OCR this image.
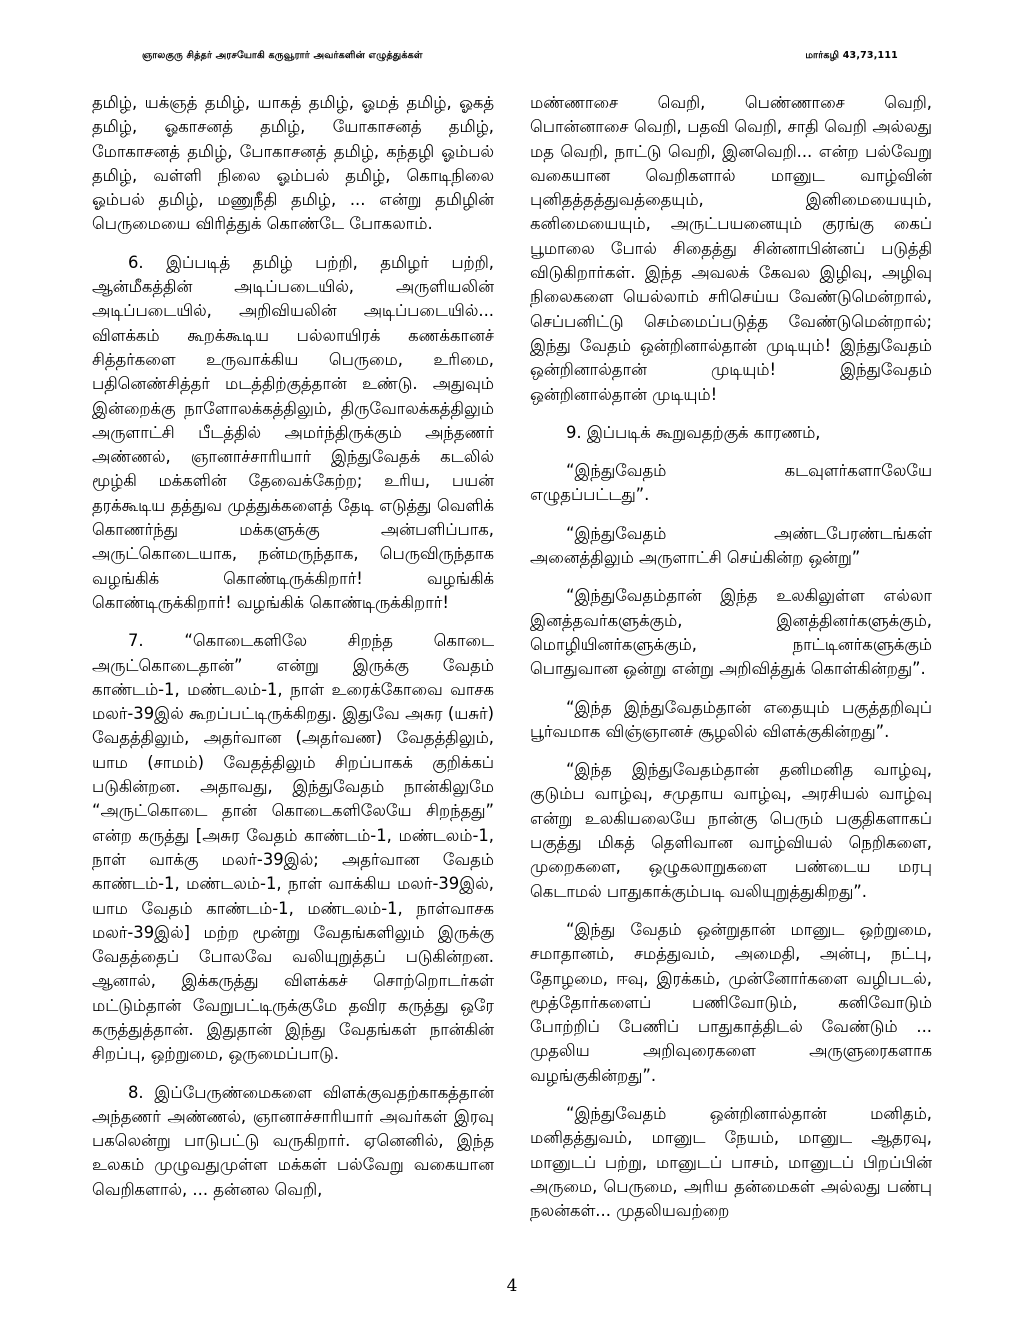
ஞாலகுரு சித்தர் அரசயோகி கருவூரார் அவர்களின் எழுத்துக்கள்	மார்கழி 43,73,111

தமிழ், யக்ஞத் தமிழ், யாகத் தமிழ், ஓமத் தமிழ், ஓகத் தமிழ், ஓகாசனத் தமிழ், யோகாசனத் தமிழ், மோகாசனத் தமிழ், போகாசனத் தமிழ், கந்தழி ஓம்பல் தமிழ், வள்ளி நிலை ஓம்பல் தமிழ், கொடிநிலை ஓம்பல் தமிழ், மணுநீதி தமிழ், ... என்று தமிழின் பெருமையை விரித்துக் கொண்டே போகலாம்.

6. இப்படித் தமிழ் பற்றி, தமிழர் பற்றி, ஆன்மீகத்தின் அடிப்படையில், அருளியலின் அடிப்படையில், அறிவியலின் அடிப்படையில்... விளக்கம் கூறக்கூடிய பல்லாயிரக் கணக்கானச் சித்தர்களை உருவாக்கிய பெருமை, உரிமை, பதினெண்சித்தர் மடத்திற்குத்தான் உண்டு. அதுவும் இன்றைக்கு நாளோலக்கத்திலும், திருவோலக்கத்திலும் அருளாட்சி பீடத்தில் அமர்ந்திருக்கும் அந்தணர் அண்ணல், ஞானாச்சாரியார் இந்துவேதக் கடலில் மூழ்கி மக்களின் தேவைக்கேற்ற; உரிய, பயன் தரக்கூடிய தத்துவ முத்துக்களைத் தேடி எடுத்து வெளிக் கொணர்ந்து மக்களுக்கு அன்பளிப்பாக, அருட்கொடையாக, நன்மருந்தாக, பெருவிருந்தாக வழங்கிக் கொண்டிருக்கிறார்! வழங்கிக் கொண்டிருக்கிறார்! வழங்கிக் கொண்டிருக்கிறார்!

7. “கொடைகளிலே சிறந்த கொடை அருட்கொடைதான்” என்று இருக்கு வேதம் காண்டம்-1, மண்டலம்-1, நாள் உரைக்கோவை வாசக மலர்-39இல் கூறப்பட்டிருக்கிறது. இதுவே அசுர (யசுர்) வேதத்திலும், அதர்வான (அதர்வண) வேதத்திலும், யாம (சாமம்) வேதத்திலும் சிறப்பாகக் குறிக்கப் படுகின்றன. அதாவது, இந்துவேதம் நான்கிலுமே “அருட்கொடை தான் கொடைகளிலேயே சிறந்தது” என்ற கருத்து [அசுர வேதம் காண்டம்-1, மண்டலம்-1, நாள் வாக்கு மலர்-39இல்; அதர்வான வேதம் காண்டம்-1, மண்டலம்-1, நாள் வாக்கிய மலர்-39இல், யாம வேதம் காண்டம்-1, மண்டலம்-1, நாள்வாசக மலர்-39இல்] மற்ற மூன்று வேதங்களிலும் இருக்கு வேதத்தைப் போலவே வலியுறுத்தப் படுகின்றன. ஆனால், இக்கருத்து விளக்கச் சொற்றொடர்கள் மட்டும்தான் வேறுபட்டிருக்குமே தவிர கருத்து ஒரே கருத்துத்தான். இதுதான் இந்து வேதங்கள் நான்கின் சிறப்பு, ஒற்றுமை, ஒருமைப்பாடு.

8. இப்பேருண்மைகளை விளக்குவதற்காகத்தான் அந்தணர் அண்ணல், ஞானாச்சாரியார் அவர்கள் இரவு பகலென்று பாடுபட்டு வருகிறார். ஏனெனில், இந்த உலகம் முழுவதுமுள்ள மக்கள் பல்வேறு வகையான வெறிகளால், ... தன்னல வெறி,

மண்ணாசை வெறி, பெண்ணாசை வெறி, பொன்னாசை வெறி, பதவி வெறி, சாதி வெறி அல்லது மத வெறி, நாட்டு வெறி, இனவெறி... என்ற பல்வேறு வகையான வெறிகளால் மானுட வாழ்வின் புனிதத்தத்துவத்தையும், இனிமையையும், கனிமையையும், அருட்பயனையும் குரங்கு கைப் பூமாலை போல் சிதைத்து சின்னாபின்னப் படுத்தி விடுகிறார்கள். இந்த அவலக் கேவல இழிவு, அழிவு நிலைகளை யெல்லாம் சரிசெய்ய வேண்டுமென்றால், செப்பனிட்டு செம்மைப்படுத்த வேண்டுமென்றால்; இந்து வேதம் ஒன்றினால்தான் முடியும்! இந்துவேதம் ஒன்றினால்தான் முடியும்! இந்துவேதம் ஒன்றினால்தான் முடியும்!

9. இப்படிக் கூறுவதற்குக் காரணம்,

“இந்துவேதம் கடவுளர்களாலேயே எழுதப்பட்டது”.

“இந்துவேதம் அண்டபேரண்டங்கள் அனைத்திலும் அருளாட்சி செய்கின்ற ஒன்று”

“இந்துவேதம்தான் இந்த உலகிலுள்ள எல்லா இனத்தவர்களுக்கும், இனத்தினர்களுக்கும், மொழியினர்களுக்கும், நாட்டினர்களுக்கும் பொதுவான ஒன்று என்று அறிவித்துக் கொள்கின்றது”.

“இந்த இந்துவேதம்தான் எதையும் பகுத்தறிவுப் பூர்வமாக விஞ்ஞானச் சூழலில் விளக்குகின்றது”.

“இந்த இந்துவேதம்தான் தனிமனித வாழ்வு, குடும்ப வாழ்வு, சமுதாய வாழ்வு, அரசியல் வாழ்வு என்று உலகியலையே நான்கு பெரும் பகுதிகளாகப் பகுத்து மிகத் தெளிவான வாழ்வியல் நெறிகளை, முறைகளை, ஒழுகலாறுகளை பண்டைய மரபு கெடாமல் பாதுகாக்கும்படி வலியுறுத்துகிறது”.

“இந்து வேதம் ஒன்றுதான் மானுட ஒற்றுமை, சமாதானம், சமத்துவம், அமைதி, அன்பு, நட்பு, தோழமை, ஈவு, இரக்கம், முன்னோர்களை வழிபடல், மூத்தோர்களைப் பணிவோடும், கனிவோடும் போற்றிப் பேணிப் பாதுகாத்திடல் வேண்டும் ... முதலிய அறிவுரைகளை அருளுரைகளாக வழங்குகின்றது”.

“இந்துவேதம் ஒன்றினால்தான் மனிதம், மனிதத்துவம், மானுட நேயம், மானுட ஆதரவு, மானுடப் பற்று, மானுடப் பாசம், மானுடப் பிறப்பின் அருமை, பெருமை, அரிய தன்மைகள் அல்லது பண்பு நலன்கள்... முதலியவற்றை

4
